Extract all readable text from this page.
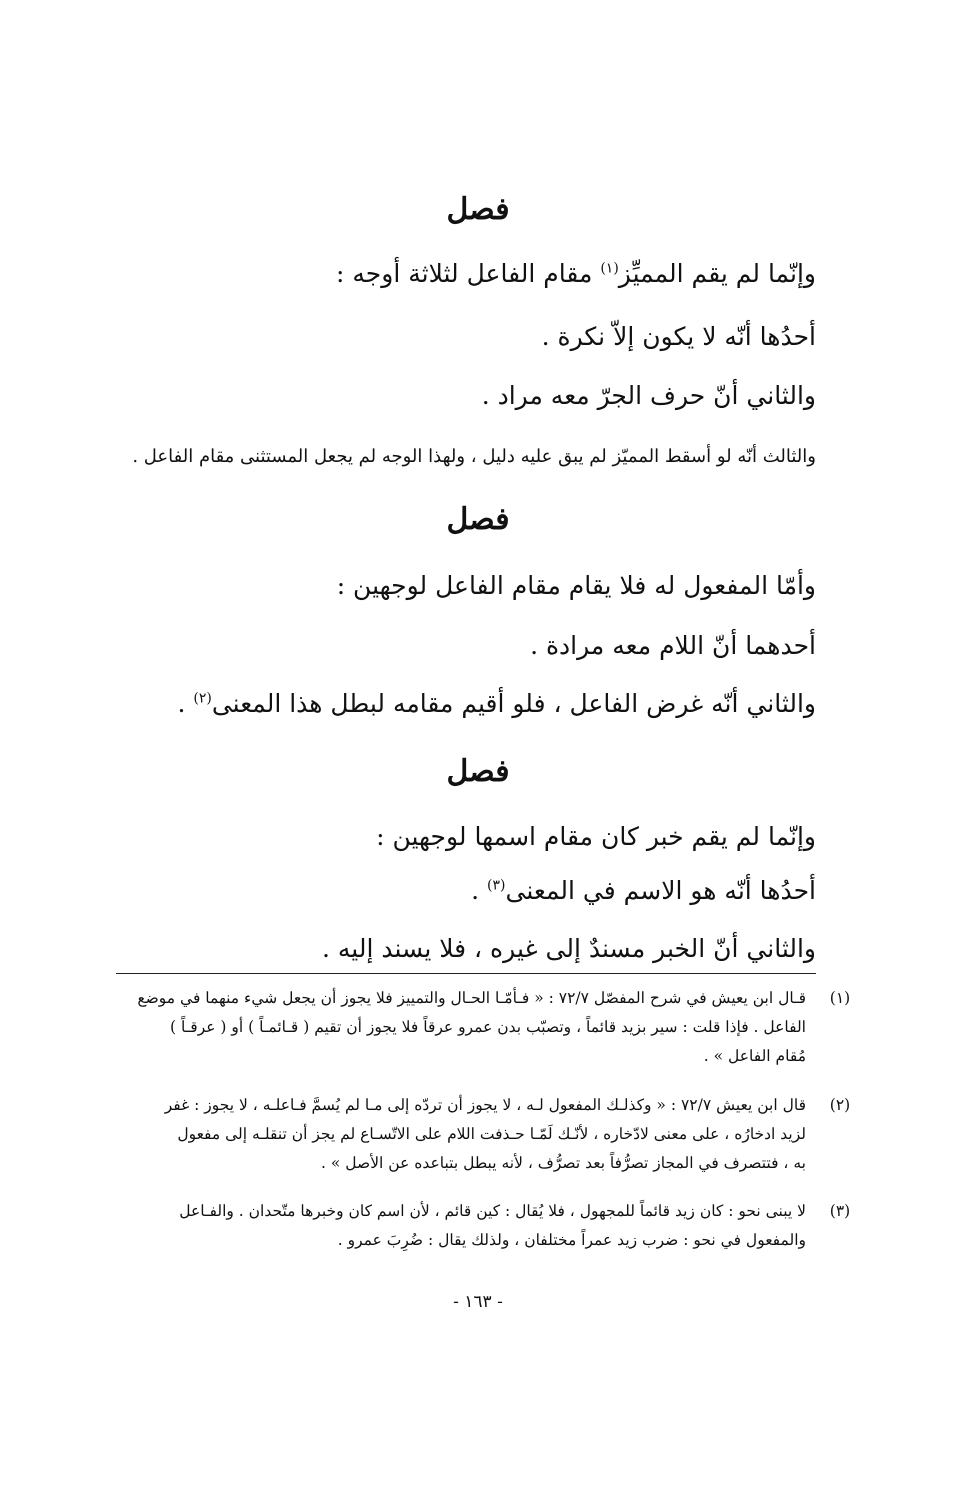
فصل
وإنّما لم يقم المميِّز$^{(١)}$ مقام الفاعل لثلاثة أوجه :
أحدُها أنّه لا يكون إلاّ نكرة .
والثاني أنّ حرف الجرّ معه مراد .
والثالث أنّه لو أسقط المميّز لم يبق عليه دليل ، ولهذا الوجه لم يجعل المستثنى مقام الفاعل .
فصل
وأمّا المفعول له فلا يقام مقام الفاعل لوجهين :
أحدهما أنّ اللام معه مرادة .
والثاني أنّه غرض الفاعل ، فلو أقيم مقامه لبطل هذا المعنى$^{(٢)}$ .
فصل
وإنّما لم يقم خبر كان مقام اسمها لوجهين :
أحدُها أنّه هو الاسم في المعنى$^{(٣)}$ .
والثاني أنّ الخبر مسندٌ إلى غيره ، فلا يسند إليه .
(١)
قـال ابن يعيش في شرح المفصّل ٧٢/٧ : « فـأمّـا الحـال والتمييز فلا يجوز أن يجعل شيء منهما في موضع
الفاعل . فإذا قلت : سير بزيد قائماً ، وتصبّب بدن عمرو عرقاً فلا يجوز أن تقيم ( قـائمـاً ) أو ( عرقـاً )
مُقام الفاعل » .
(٢)
قال ابن يعيش ٧٢/٧ : « وكذلـك المفعول لـه ، لا يجوز أن تردّه إلى مـا لم يُسمَّ فـاعلـه ، لا يجوز : غفر
لزيد ادخارُه ، على معنى لادّخاره ، لأنّـك لَمّـا حـذفت اللام على الاتّسـاع لم يجز أن تنقلـه إلى مفعول
به ، فتتصرف في المجاز تصرُّفاً بعد تصرُّف ، لأنه يبطل بتباعده عن الأصل » .
(٣)
لا يبنى نحو : كان زيد قائماً للمجهول ، فلا يُقال : كين قائم ، لأن اسم كان وخبرها متّحدان . والفـاعل
والمفعول في نحو : ضرب زيد عمراً مختلفان ، ولذلك يقال : ضُرِبَ عمرو .
- ١٦٣ -
